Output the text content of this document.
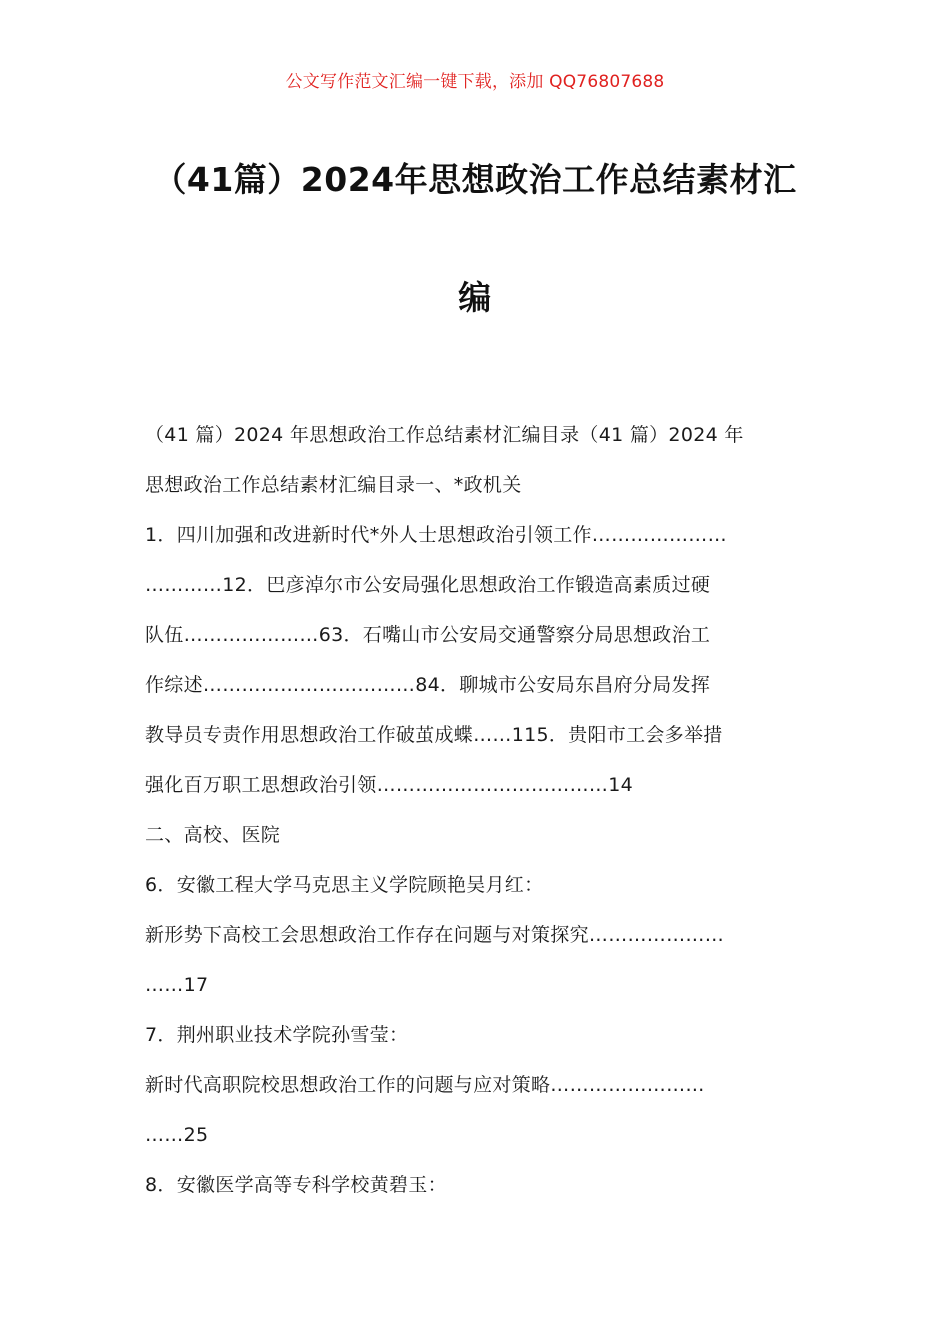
公文写作范文汇编一键下载，添加 QQ76807688
（41篇）2024年思想政治工作总结素材汇
编
（41 篇）2024 年思想政治工作总结素材汇编目录（41 篇）2024 年
思想政治工作总结素材汇编目录一、*政机关
1．四川加强和改进新时代*外人士思想政治引领工作…………………
…………12．巴彦淖尔市公安局强化思想政治工作锻造高素质过硬
队伍…………………63．石嘴山市公安局交通警察分局思想政治工
作综述……………………………84．聊城市公安局东昌府分局发挥
教导员专责作用思想政治工作破茧成蝶……115．贵阳市工会多举措
强化百万职工思想政治引领………………………………14
二、高校、医院
6．安徽工程大学马克思主义学院顾艳吴月红：
新形势下高校工会思想政治工作存在问题与对策探究…………………
……17
7．荆州职业技术学院孙雪莹：
新时代高职院校思想政治工作的问题与应对策略……………………
……25
8．安徽医学高等专科学校黄碧玉：
